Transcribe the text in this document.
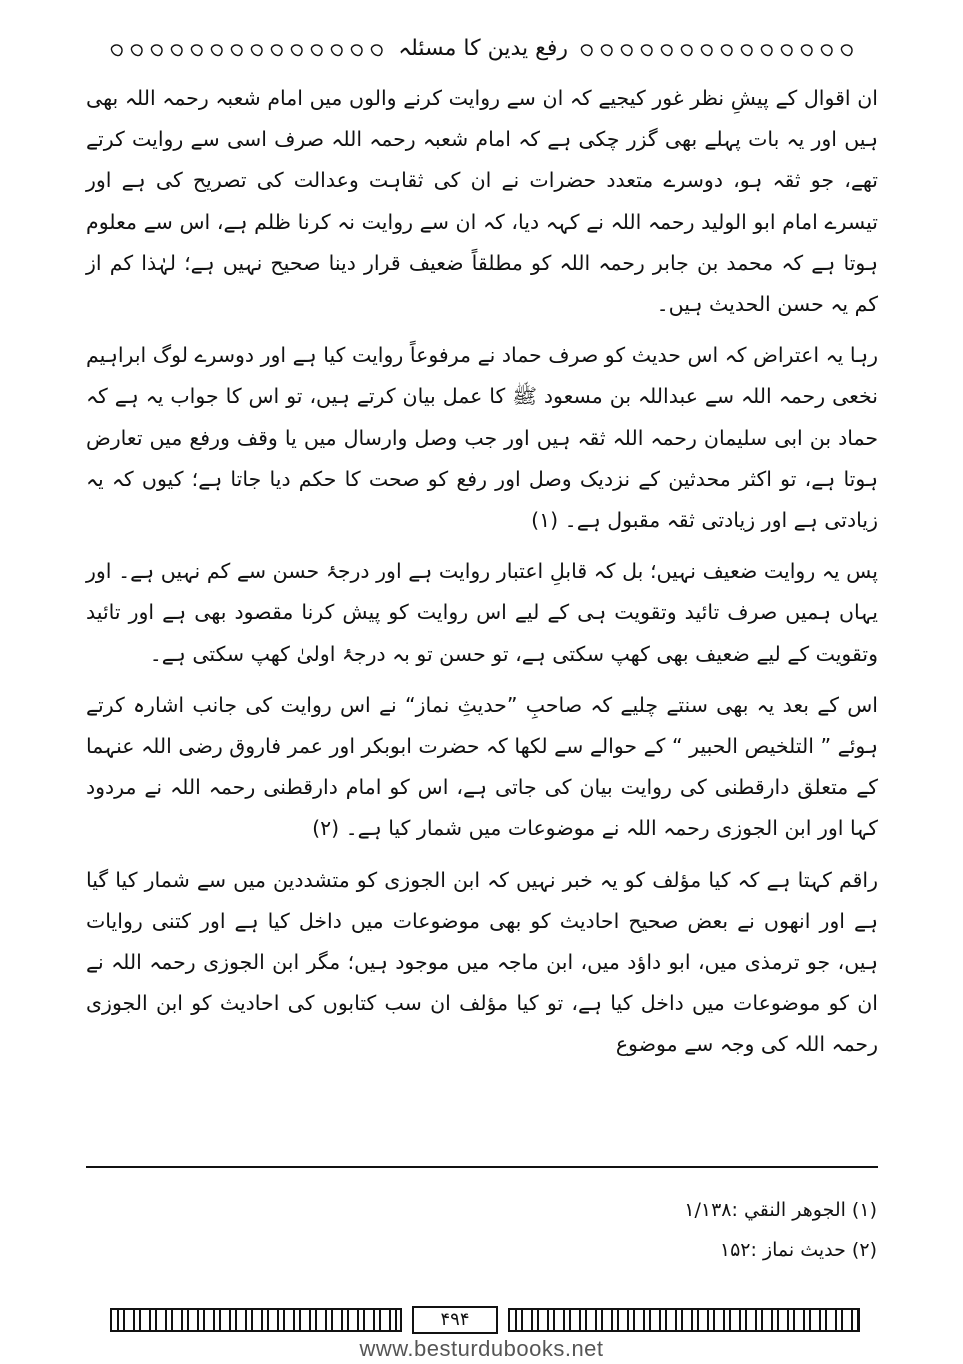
رفع یدین کا مسئلہ

ان اقوال کے پیشِ نظر غور کیجیے کہ ان سے روایت کرنے والوں میں امام شعبہ رحمہ اللہ بھی ہیں اور یہ بات پہلے بھی گزر چکی ہے کہ امام شعبہ رحمہ اللہ صرف اسی سے روایت کرتے تھے، جو ثقہ ہو، دوسرے متعدد حضرات نے ان کی ثقاہت وعدالت کی تصریح کی ہے اور تیسرے امام ابو الولید رحمہ اللہ نے کہہ دیا، کہ ان سے روایت نہ کرنا ظلم ہے، اس سے معلوم ہوتا ہے کہ محمد بن جابر رحمہ اللہ کو مطلقاً ضعیف قرار دینا صحیح نہیں ہے؛ لہٰذا کم از کم یہ حسن الحدیث ہیں۔

رہا یہ اعتراض کہ اس حدیث کو صرف حماد نے مرفوعاً روایت کیا ہے اور دوسرے لوگ ابراہیم نخعی رحمہ اللہ سے عبداللہ بن مسعود ﷺ کا عمل بیان کرتے ہیں، تو اس کا جواب یہ ہے کہ حماد بن ابی سلیمان رحمہ اللہ ثقہ ہیں اور جب وصل وارسال میں یا وقف ورفع میں تعارض ہوتا ہے، تو اکثر محدثین کے نزدیک وصل اور رفع کو صحت کا حکم دیا جاتا ہے؛ کیوں کہ یہ زیادتی ہے اور زیادتی ثقہ مقبول ہے۔ (۱)

پس یہ روایت ضعیف نہیں؛ بل کہ قابلِ اعتبار روایت ہے اور درجۂ حسن سے کم نہیں ہے۔ اور یہاں ہمیں صرف تائید وتقویت ہی کے لیے اس روایت کو پیش کرنا مقصود بھی ہے اور تائید وتقویت کے لیے ضعیف بھی کھپ سکتی ہے، تو حسن تو بہ درجۂ اولیٰ کھپ سکتی ہے۔

اس کے بعد یہ بھی سنتے چلیے کہ صاحبِ ”حدیثِ نماز“ نے اس روایت کی جانب اشارہ کرتے ہوئے ” التلخیص الحبیر “ کے حوالے سے لکھا کہ حضرت ابوبکر اور عمر فاروق رضی اللہ عنہما کے متعلق دارقطنی کی روایت بیان کی جاتی ہے، اس کو امام دارقطنی رحمہ اللہ نے مردود کہا اور ابن الجوزی رحمہ اللہ نے موضوعات میں شمار کیا ہے۔ (۲)

راقم کہتا ہے کہ کیا مؤلف کو یہ خبر نہیں کہ ابن الجوزی کو متشددین میں سے شمار کیا گیا ہے اور انھوں نے بعض صحیح احادیث کو بھی موضوعات میں داخل کیا ہے اور کتنی روایات ہیں، جو ترمذی میں، ابو داؤد میں، ابن ماجہ میں موجود ہیں؛ مگر ابن الجوزی رحمہ اللہ نے ان کو موضوعات میں داخل کیا ہے، تو کیا مؤلف ان سب کتابوں کی احادیث کو ابن الجوزی رحمہ اللہ کی وجہ سے موضوع

(۱) الجوهر النقي :۱/۱۳۸
(۲) حدیث نماز :۱۵۲
۴۹۴
www.besturdubooks.net
